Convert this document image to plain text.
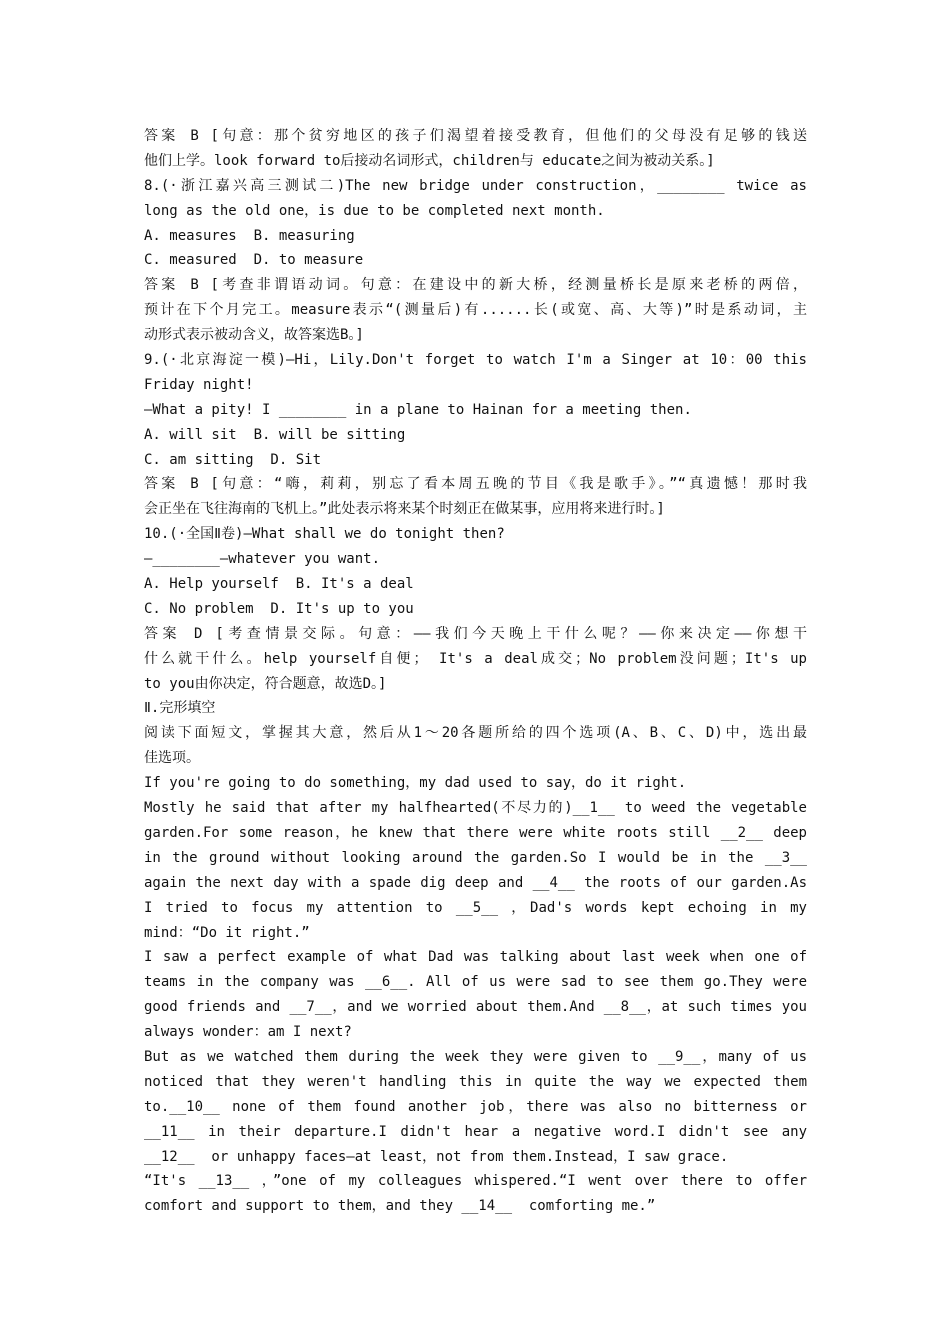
答案 B [句意：那个贫穷地区的孩子们渴望着接受教育，但他们的父母没有足够的钱送
他们上学。look forward to后接动名词形式，children与 educate之间为被动关系。]
8.(·浙江嘉兴高三测试二)The new bridge under construction，________ twice as
long as the old one，is due to be completed next month.
A. measures  B. measuring
C. measured  D. to measure
答案 B [考查非谓语动词。句意：在建设中的新大桥，经测量桥长是原来老桥的两倍，
预计在下个月完工。measure表示“(测量后)有......长(或宽、高、大等)”时是系动词，主
动形式表示被动含义，故答案选B。]
9.(·北京海淀一模)—Hi，Lily.Don't forget to watch I'm a Singer at 10：00 this
Friday night!
—What a pity! I ________ in a plane to Hainan for a meeting then.
A. will sit  B. will be sitting
C. am sitting  D. Sit
答案 B [句意：“嗨，莉莉，别忘了看本周五晚的节目《我是歌手》。”“真遗憾！那时我
会正坐在飞往海南的飞机上。”此处表示将来某个时刻正在做某事，应用将来进行时。]
10.(·全国Ⅱ卷)—What shall we do tonight then?
—________—whatever you want.
A. Help yourself  B. It's a deal
C. No problem  D. It's up to you
答案 D [考查情景交际。句意：——我们今天晚上干什么呢？——你来决定——你想干
什么就干什么。help yourself自便； It's a deal成交；No problem没问题；It's up
to you由你决定，符合题意，故选D。]
Ⅱ.完形填空
阅读下面短文，掌握其大意，然后从1～20各题所给的四个选项(A、B、C、D)中，选出最
佳选项。
If you're going to do something，my dad used to say，do it right.
Mostly he said that after my halfhearted(不尽力的)__1__ to weed the vegetable
garden.For some reason，he knew that there were white roots still __2__ deep
in the ground without looking around the garden.So I would be in the __3__
again the next day with a spade dig deep and __4__ the roots of our garden.As
I tried to focus my attention to __5__ ，Dad's words kept echoing in my
mind：“Do it right.”
I saw a perfect example of what Dad was talking about last week when one of
teams in the company was __6__. All of us were sad to see them go.They were
good friends and __7__，and we worried about them.And __8__，at such times you
always wonder：am I next?
But as we watched them during the week they were given to __9__，many of us
noticed that they weren't handling this in quite the way we expected them
to.__10__ none of them found another job，there was also no bitterness or
__11__ in their departure.I didn't hear a negative word.I didn't see any
__12__  or unhappy faces—at least，not from them.Instead，I saw grace.
“It's __13__ ，”one of my colleagues whispered.“I went over there to offer
comfort and support to them，and they __14__  comforting me.”
